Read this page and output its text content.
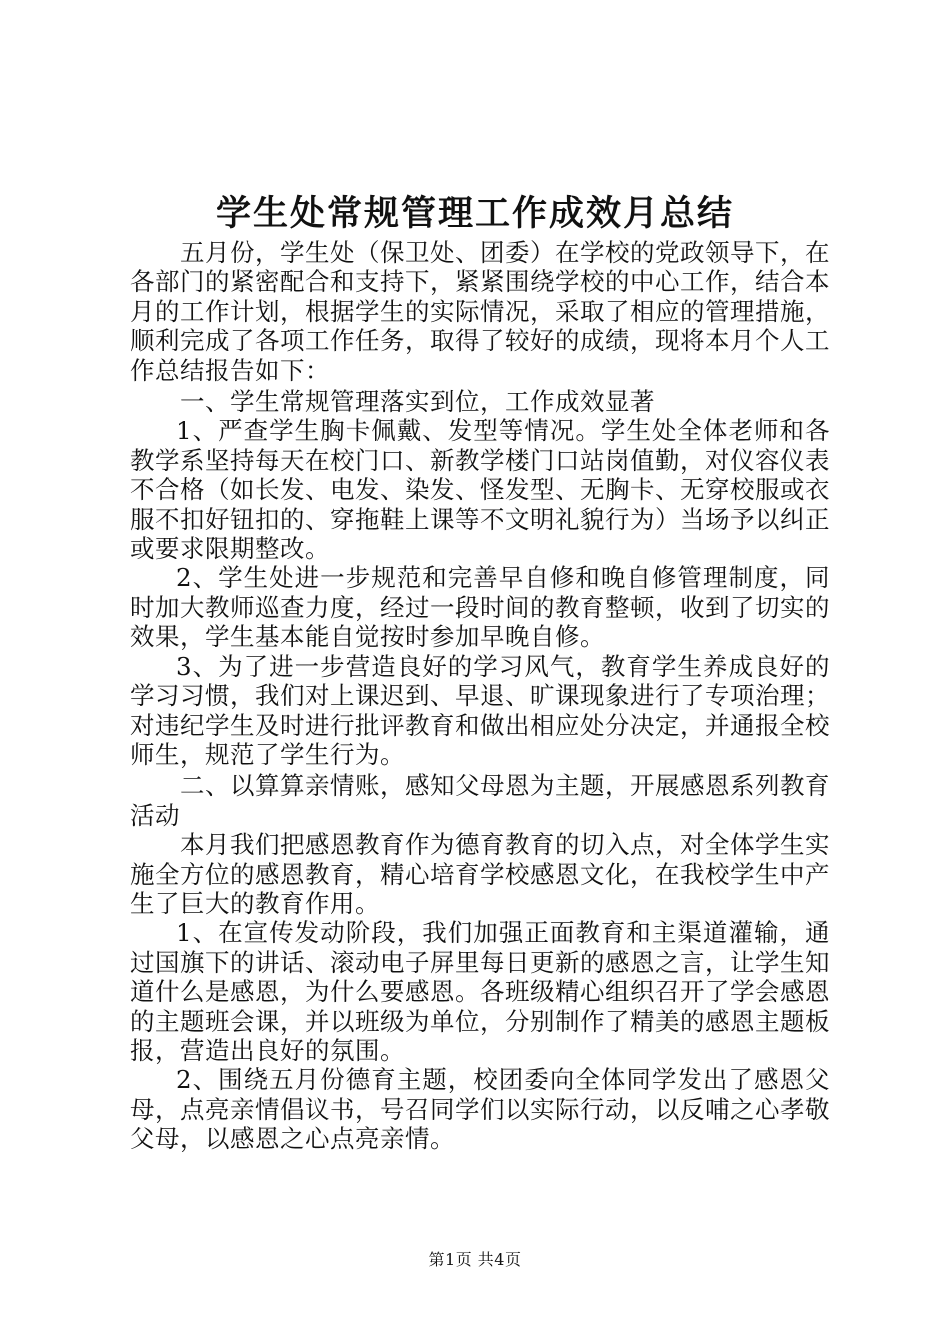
学生处常规管理工作成效月总结

五月份，学生处（保卫处、团委）在学校的党政领导下，在各部门的紧密配合和支持下，紧紧围绕学校的中心工作，结合本月的工作计划，根据学生的实际情况，采取了相应的管理措施，顺利完成了各项工作任务，取得了较好的成绩，现将本月个人工作总结报告如下：

一、学生常规管理落实到位，工作成效显著

1、严查学生胸卡佩戴、发型等情况。学生处全体老师和各教学系坚持每天在校门口、新教学楼门口站岗值勤，对仪容仪表不合格（如长发、电发、染发、怪发型、无胸卡、无穿校服或衣服不扣好钮扣的、穿拖鞋上课等不文明礼貌行为）当场予以纠正或要求限期整改。

2、学生处进一步规范和完善早自修和晚自修管理制度，同时加大教师巡查力度，经过一段时间的教育整顿，收到了切实的效果，学生基本能自觉按时参加早晚自修。

3、为了进一步营造良好的学习风气，教育学生养成良好的学习习惯，我们对上课迟到、早退、旷课现象进行了专项治理；对违纪学生及时进行批评教育和做出相应处分决定，并通报全校师生，规范了学生行为。

二、以算算亲情账，感知父母恩为主题，开展感恩系列教育活动

本月我们把感恩教育作为德育教育的切入点，对全体学生实施全方位的感恩教育，精心培育学校感恩文化，在我校学生中产生了巨大的教育作用。

1、在宣传发动阶段，我们加强正面教育和主渠道灌输，通过国旗下的讲话、滚动电子屏里每日更新的感恩之言，让学生知道什么是感恩，为什么要感恩。各班级精心组织召开了学会感恩的主题班会课，并以班级为单位，分别制作了精美的感恩主题板报，营造出良好的氛围。

2、围绕五月份德育主题，校团委向全体同学发出了感恩父母，点亮亲情倡议书，号召同学们以实际行动，以反哺之心孝敬父母，以感恩之心点亮亲情。

第1页 共4页
